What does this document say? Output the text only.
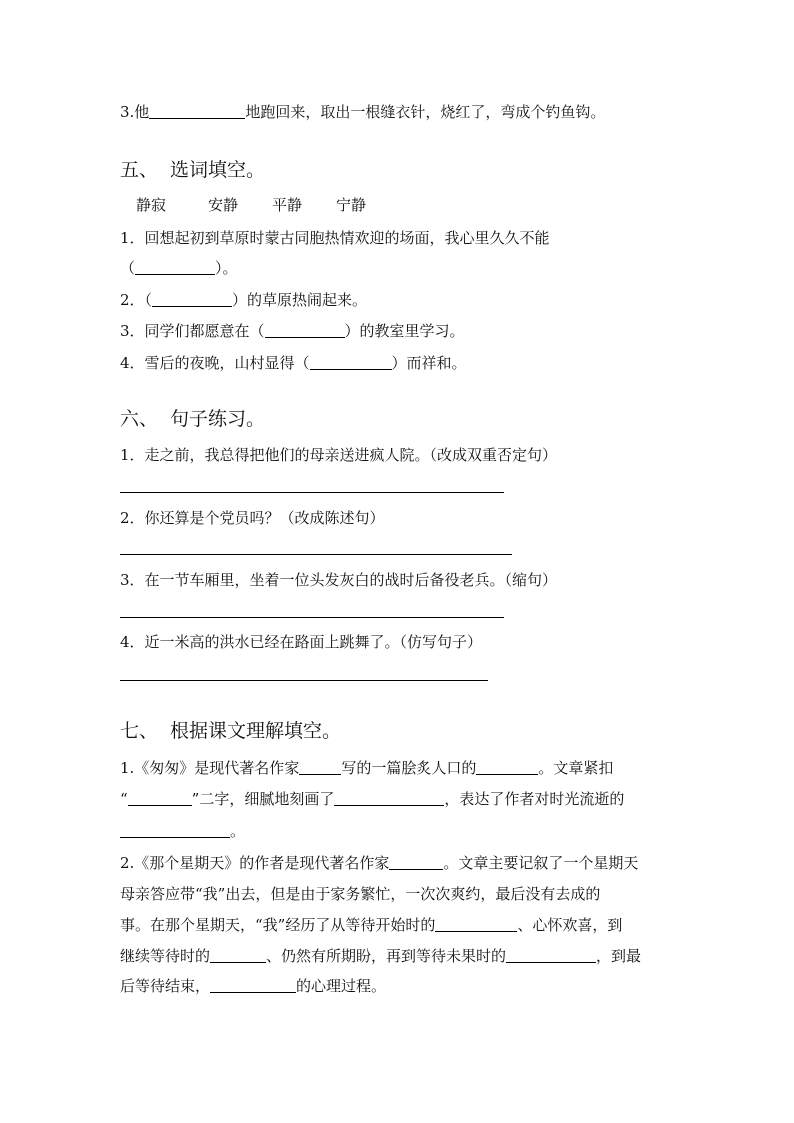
3.他	地跑回来，取出一根缝衣针，烧红了，弯成个钓鱼钩。
五、 选词填空。
静寂	安静 平静 宁静
1．回想起初到草原时蒙古同胞热情欢迎的场面，我心里久久不能
（	）。
2．（	）的草原热闹起来。
3．同学们都愿意在（	）的教室里学习。
4．雪后的夜晚，山村显得（	）而祥和。
六、 句子练习。
1．走之前，我总得把他们的母亲送进疯人院。（改成双重否定句）
2．你还算是个党员吗？（改成陈述句）
3．在一节车厢里，坐着一位头发灰白的战时后备役老兵。（缩句）
4．近一米高的洪水已经在路面上跳舞了。（仿写句子）
七、 根据课文理解填空。
1.《匆匆》是现代著名作家	写的一篇脍炙人口的	。文章紧扣
“	”二字，细腻地刻画了	，表达了作者对时光流逝的
。
2.《那个星期天》的作者是现代著名作家	。文章主要记叙了一个星期天
母亲答应带“我”出去，但是由于家务繁忙，一次次爽约，最后没有去成的
事。在那个星期天，“我”经历了从等待开始时的	、心怀欢喜，到
继续等待时的	、仍然有所期盼，再到等待未果时的	，到最
后等待结束，	的心理过程。
